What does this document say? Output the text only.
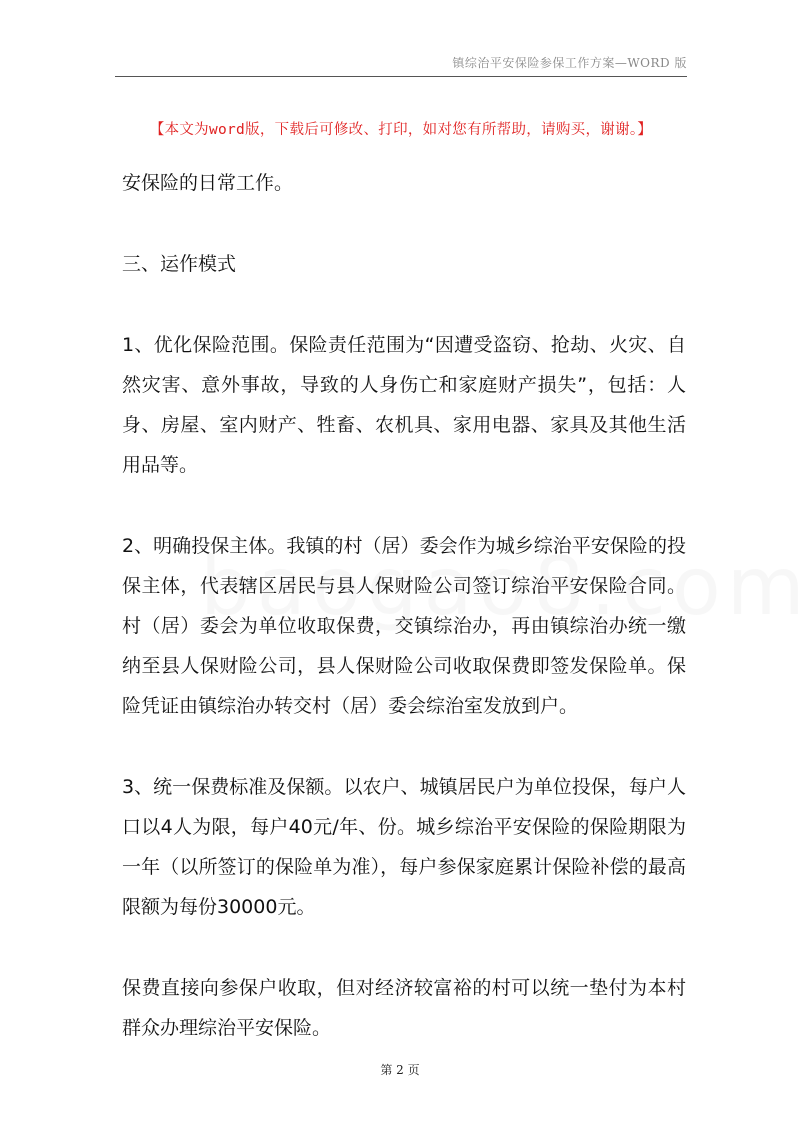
镇综治平安保险参保工作方案—WORD 版
【本文为word版，下载后可修改、打印，如对您有所帮助，请购买，谢谢。】

安保险的日常工作。

三、运作模式

1、优化保险范围。保险责任范围为“因遭受盗窃、抢劫、火灾、自然灾害、意外事故，导致的人身伤亡和家庭财产损失”，包括：人身、房屋、室内财产、牲畜、农机具、家用电器、家具及其他生活用品等。

2、明确投保主体。我镇的村（居）委会作为城乡综治平安保险的投保主体，代表辖区居民与县人保财险公司签订综治平安保险合同。村（居）委会为单位收取保费，交镇综治办，再由镇综治办统一缴纳至县人保财险公司，县人保财险公司收取保费即签发保险单。保险凭证由镇综治办转交村（居）委会综治室发放到户。

3、统一保费标准及保额。以农户、城镇居民户为单位投保，每户人口以4人为限，每户40元/年、份。城乡综治平安保险的保险期限为一年（以所签订的保险单为准），每户参保家庭累计保险补偿的最高限额为每份30000元。

保费直接向参保户收取，但对经济较富裕的村可以统一垫付为本村群众办理综治平安保险。

第 2 页
